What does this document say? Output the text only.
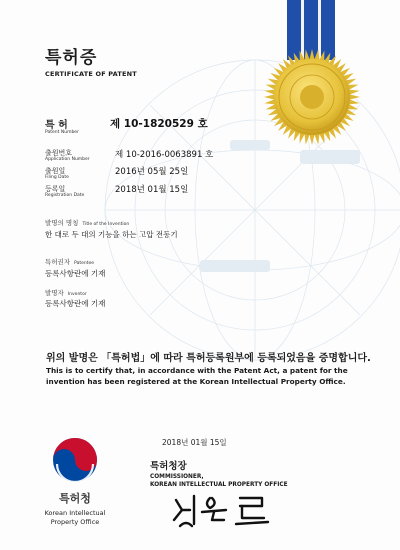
특허증
CERTIFICATE OF PATENT
특 허
Patent Number
제 10-1820529 호
출원번호
Application Number	제 10-2016-0063891 호
출원일
Filing Date
2016년 05월 25일
등록일
Registration Date
2018년 01월 15일
발명의 명칭 Title of the Invention
한 대로 두 대의 기능을 하는 고압 전동기
특허권자 Patentee
등록사항란에 기재
발명자 Inventor
등록사항란에 기재
위의 발명은 「특허법」에 따라 특허등록원부에 등록되었음을 증명합니다.
This is to certify that, in accordance with the Patent Act, a patent for the invention has been registered at the Korean Intellectual Property Office.
2018년 01월 15일
특허청장
COMMISSIONER,
KOREAN INTELLECTUAL PROPERTY OFFICE
특허청
Korean Intellectual
Property Office
